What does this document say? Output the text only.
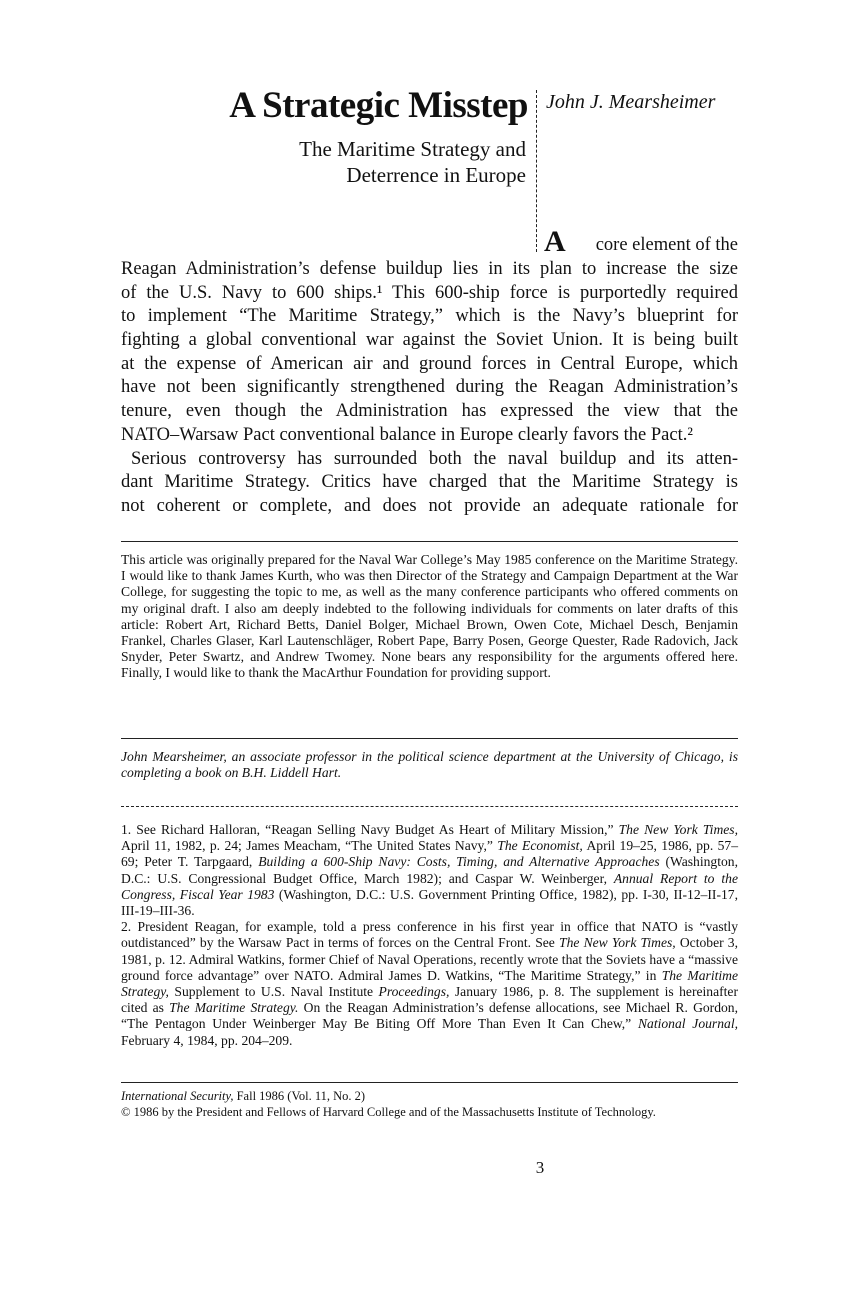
A Strategic Misstep
The Maritime Strategy and
Deterrence in Europe
John J. Mearsheimer
A	core element of the
Reagan Administration’s defense buildup lies in its plan to increase the size
of the U.S. Navy to 600 ships.¹ This 600-ship force is purportedly required
to implement “The Maritime Strategy,” which is the Navy’s blueprint for
fighting a global conventional war against the Soviet Union. It is being built
at the expense of American air and ground forces in Central Europe, which
have not been significantly strengthened during the Reagan Administration’s
tenure, even though the Administration has expressed the view that the
NATO–Warsaw Pact conventional balance in Europe clearly favors the Pact.²
Serious controversy has surrounded both the naval buildup and its atten-
dant Maritime Strategy. Critics have charged that the Maritime Strategy is
not coherent or complete, and does not provide an adequate rationale for
This article was originally prepared for the Naval War College’s May 1985 conference on the Maritime Strategy. I would like to thank James Kurth, who was then Director of the Strategy and Campaign Department at the War College, for suggesting the topic to me, as well as the many conference participants who offered comments on my original draft. I also am deeply indebted to the following individuals for comments on later drafts of this article: Robert Art, Richard Betts, Daniel Bolger, Michael Brown, Owen Cote, Michael Desch, Benjamin Frankel, Charles Glaser, Karl Lautenschläger, Robert Pape, Barry Posen, George Quester, Rade Radovich, Jack Snyder, Peter Swartz, and Andrew Twomey. None bears any responsibility for the arguments offered here. Finally, I would like to thank the MacArthur Foundation for providing support.
John Mearsheimer, an associate professor in the political science department at the University of Chicago, is completing a book on B.H. Liddell Hart.

1. See Richard Halloran, “Reagan Selling Navy Budget As Heart of Military Mission,” The New York Times, April 11, 1982, p. 24; James Meacham, “The United States Navy,” The Economist, April 19–25, 1986, pp. 57–69; Peter T. Tarpgaard, Building a 600-Ship Navy: Costs, Timing, and Alternative Approaches (Washington, D.C.: U.S. Congressional Budget Office, March 1982); and Caspar W. Weinberger, Annual Report to the Congress, Fiscal Year 1983 (Washington, D.C.: U.S. Government Printing Office, 1982), pp. I-30, II-12–II-17, III-19–III-36.

2. President Reagan, for example, told a press conference in his first year in office that NATO is “vastly outdistanced” by the Warsaw Pact in terms of forces on the Central Front. See The New York Times, October 3, 1981, p. 12. Admiral Watkins, former Chief of Naval Operations, recently wrote that the Soviets have a “massive ground force advantage” over NATO. Admiral James D. Watkins, “The Maritime Strategy,” in The Maritime Strategy, Supplement to U.S. Naval Institute Proceedings, January 1986, p. 8. The supplement is hereinafter cited as The Maritime Strategy. On the Reagan Administration’s defense allocations, see Michael R. Gordon, “The Pentagon Under Weinberger May Be Biting Off More Than Even It Can Chew,” National Journal, February 4, 1984, pp. 204–209.

International Security, Fall 1986 (Vol. 11, No. 2)
© 1986 by the President and Fellows of Harvard College and of the Massachusetts Institute of Technology.
3
